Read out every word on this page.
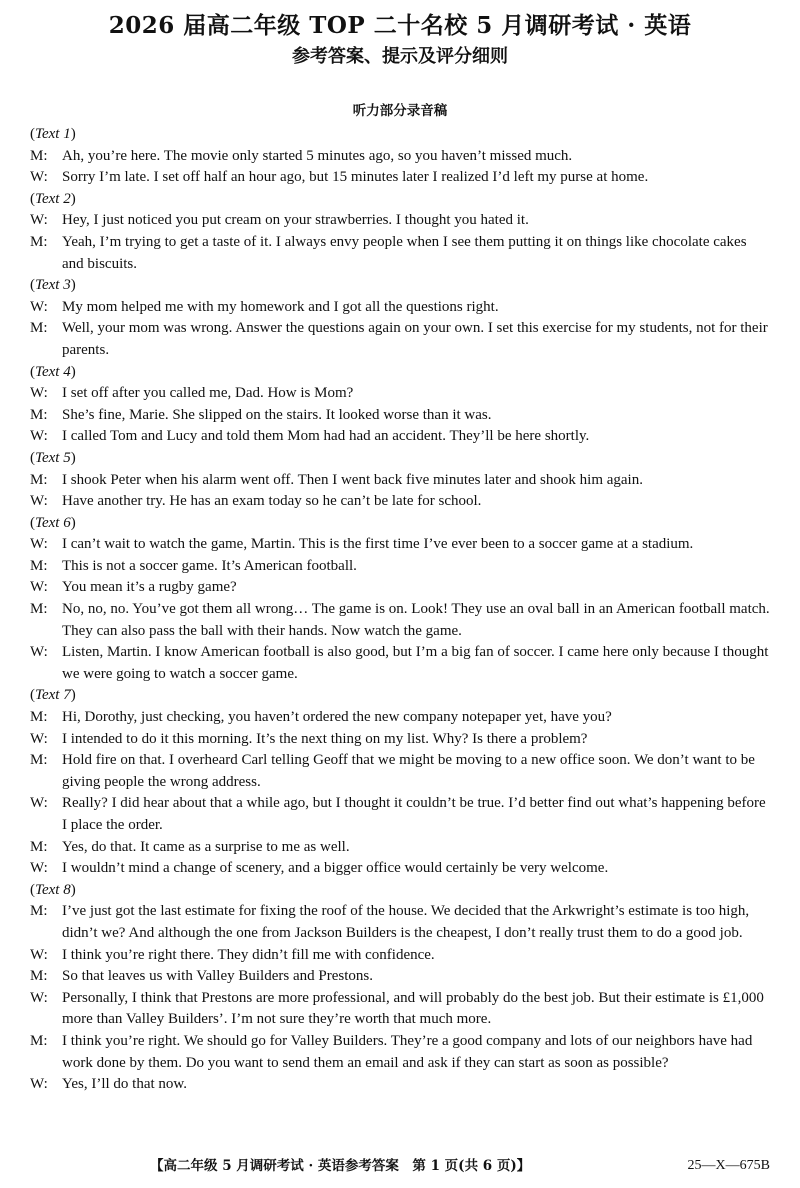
2026 届高二年级 TOP 二十名校 5 月调研考试 · 英语
参考答案、提示及评分细则
听力部分录音稿
(Text 1)
M: Ah, you’re here. The movie only started 5 minutes ago, so you haven’t missed much.
W: Sorry I’m late. I set off half an hour ago, but 15 minutes later I realized I’d left my purse at home.
(Text 2)
W: Hey, I just noticed you put cream on your strawberries. I thought you hated it.
M: Yeah, I’m trying to get a taste of it. I always envy people when I see them putting it on things like chocolate cakes and biscuits.
(Text 3)
W: My mom helped me with my homework and I got all the questions right.
M: Well, your mom was wrong. Answer the questions again on your own. I set this exercise for my students, not for their parents.
(Text 4)
W: I set off after you called me, Dad. How is Mom?
M: She’s fine, Marie. She slipped on the stairs. It looked worse than it was.
W: I called Tom and Lucy and told them Mom had had an accident. They’ll be here shortly.
(Text 5)
M: I shook Peter when his alarm went off. Then I went back five minutes later and shook him again.
W: Have another try. He has an exam today so he can’t be late for school.
(Text 6)
W: I can’t wait to watch the game, Martin. This is the first time I’ve ever been to a soccer game at a stadium.
M: This is not a soccer game. It’s American football.
W: You mean it’s a rugby game?
M: No, no, no. You’ve got them all wrong… The game is on. Look! They use an oval ball in an American football match. They can also pass the ball with their hands. Now watch the game.
W: Listen, Martin. I know American football is also good, but I’m a big fan of soccer. I came here only because I thought we were going to watch a soccer game.
(Text 7)
M: Hi, Dorothy, just checking, you haven’t ordered the new company notepaper yet, have you?
W: I intended to do it this morning. It’s the next thing on my list. Why? Is there a problem?
M: Hold fire on that. I overheard Carl telling Geoff that we might be moving to a new office soon. We don’t want to be giving people the wrong address.
W: Really? I did hear about that a while ago, but I thought it couldn’t be true. I’d better find out what’s happening before I place the order.
M: Yes, do that. It came as a surprise to me as well.
W: I wouldn’t mind a change of scenery, and a bigger office would certainly be very welcome.
(Text 8)
M: I’ve just got the last estimate for fixing the roof of the house. We decided that the Arkwright’s estimate is too high, didn’t we? And although the one from Jackson Builders is the cheapest, I don’t really trust them to do a good job.
W: I think you’re right there. They didn’t fill me with confidence.
M: So that leaves us with Valley Builders and Prestons.
W: Personally, I think that Prestons are more professional, and will probably do the best job. But their estimate is £1,000 more than Valley Builders’. I’m not sure they’re worth that much more.
M: I think you’re right. We should go for Valley Builders. They’re a good company and lots of our neighbors have had work done by them. Do you want to send them an email and ask if they can start as soon as possible?
W: Yes, I’ll do that now.
【高二年级 5 月调研考试 · 英语参考答案　第 1 页(共 6 页)】	25—X—675B
